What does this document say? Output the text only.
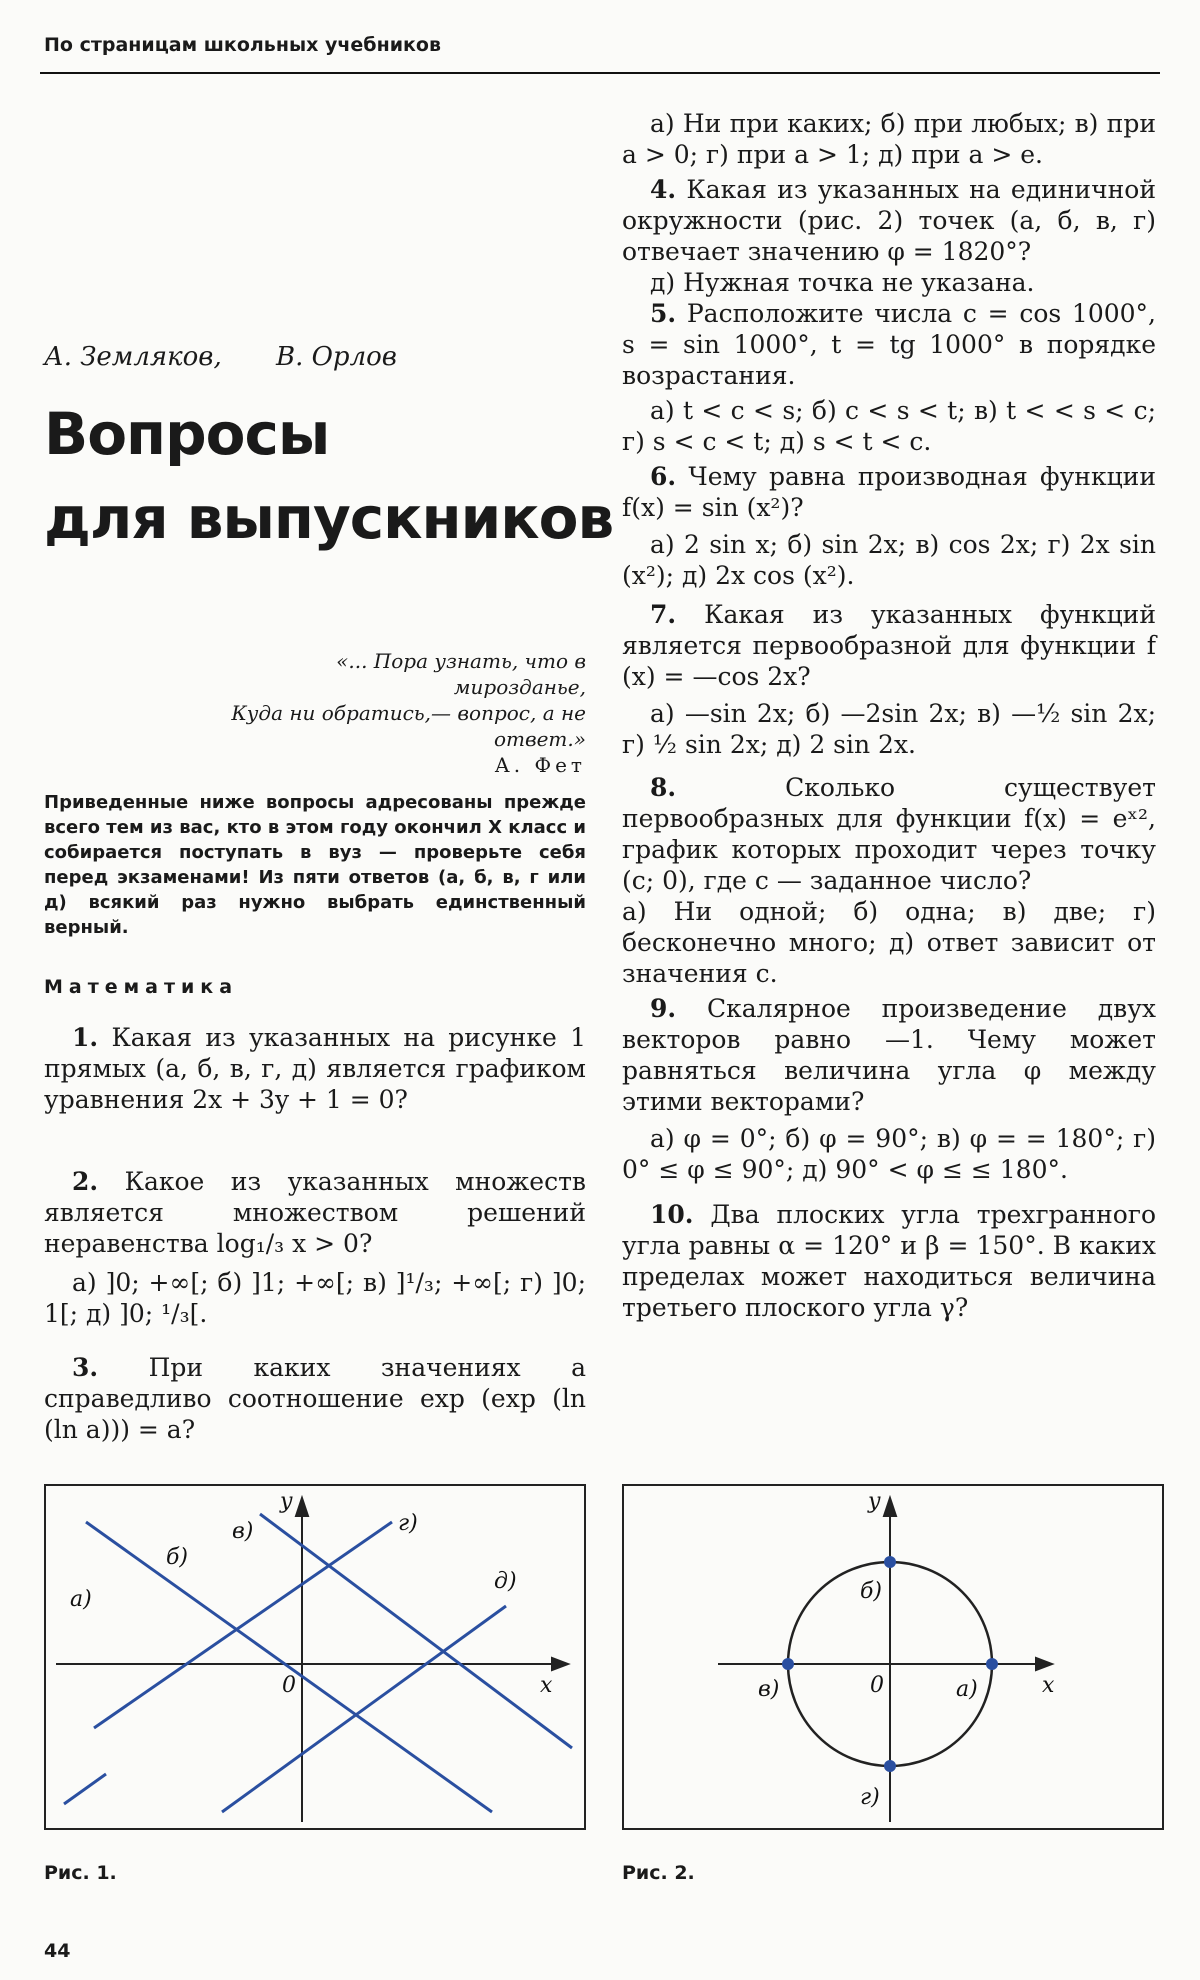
По страницам школьных учебников
А. Земляков, В. Орлов
Вопросы
для выпускников
«... Пора узнать, что в мирозданье,
Куда ни обратись,— вопрос, а не ответ.»
А. Фет
Приведенные ниже вопросы адресованы прежде всего тем из вас, кто в этом году окончил X класс и собирается поступать в вуз — проверьте себя перед экзаменами! Из пяти ответов (а, б, в, г или д) всякий раз нужно выбрать единственный верный.
Математика

1. Какая из указанных на рисунке 1 прямых (а, б, в, г, д) является графиком уравнения 2x + 3y + 1 = 0?

2. Какое из указанных множеств является множеством решений неравенства log₁/₃ x > 0?

а) ]0; +∞[; б) ]1; +∞[; в) ]¹/₃; +∞[; г) ]0; 1[; д) ]0; ¹/₃[.

3. При каких значениях a справедливо соотношение exp (exp (ln (ln a))) = a?

а) Ни при каких; б) при любых; в) при a > 0; г) при a > 1; д) при a > e.

4. Какая из указанных на единичной окружности (рис. 2) точек (а, б, в, г) отвечает значению φ = 1820°?

д) Нужная точка не указана.

5. Расположите числа c = cos 1000°, s = sin 1000°, t = tg 1000° в порядке возрастания.

а) t < c < s; б) c < s < t; в) t < < s < c; г) s < c < t; д) s < t < c.

6. Чему равна производная функции f(x) = sin (x²)?

а) 2 sin x; б) sin 2x; в) cos 2x; г) 2x sin (x²); д) 2x cos (x²).

7. Какая из указанных функций является первообразной для функции f (x) = —cos 2x?

а) —sin 2x; б) —2sin 2x; в) —½ sin 2x; г) ½ sin 2x; д) 2 sin 2x.

8.	Сколько существует первообразных для функции f(x) = eˣ², график которых проходит через точку (c; 0), где c — заданное число?

а) Ни одной; б) одна; в) две; г) бесконечно много; д) ответ зависит от значения c.

9. Скалярное произведение двух векторов равно —1. Чему может равняться величина угла φ между этими векторами?

а) φ = 0°; б) φ = 90°; в) φ = = 180°; г) 0° ≤ φ ≤ 90°; д) 90° < φ ≤ ≤ 180°.

10. Два плоских угла трехгранного угла равны α = 120° и β = 150°. В каких пределах может находиться величина третьего плоского угла γ?

а)
б)
в)	г)
д)
x
y
0
Рис. 1.
б)
в)	а)
г)
x
y
0
Рис. 2.
44
